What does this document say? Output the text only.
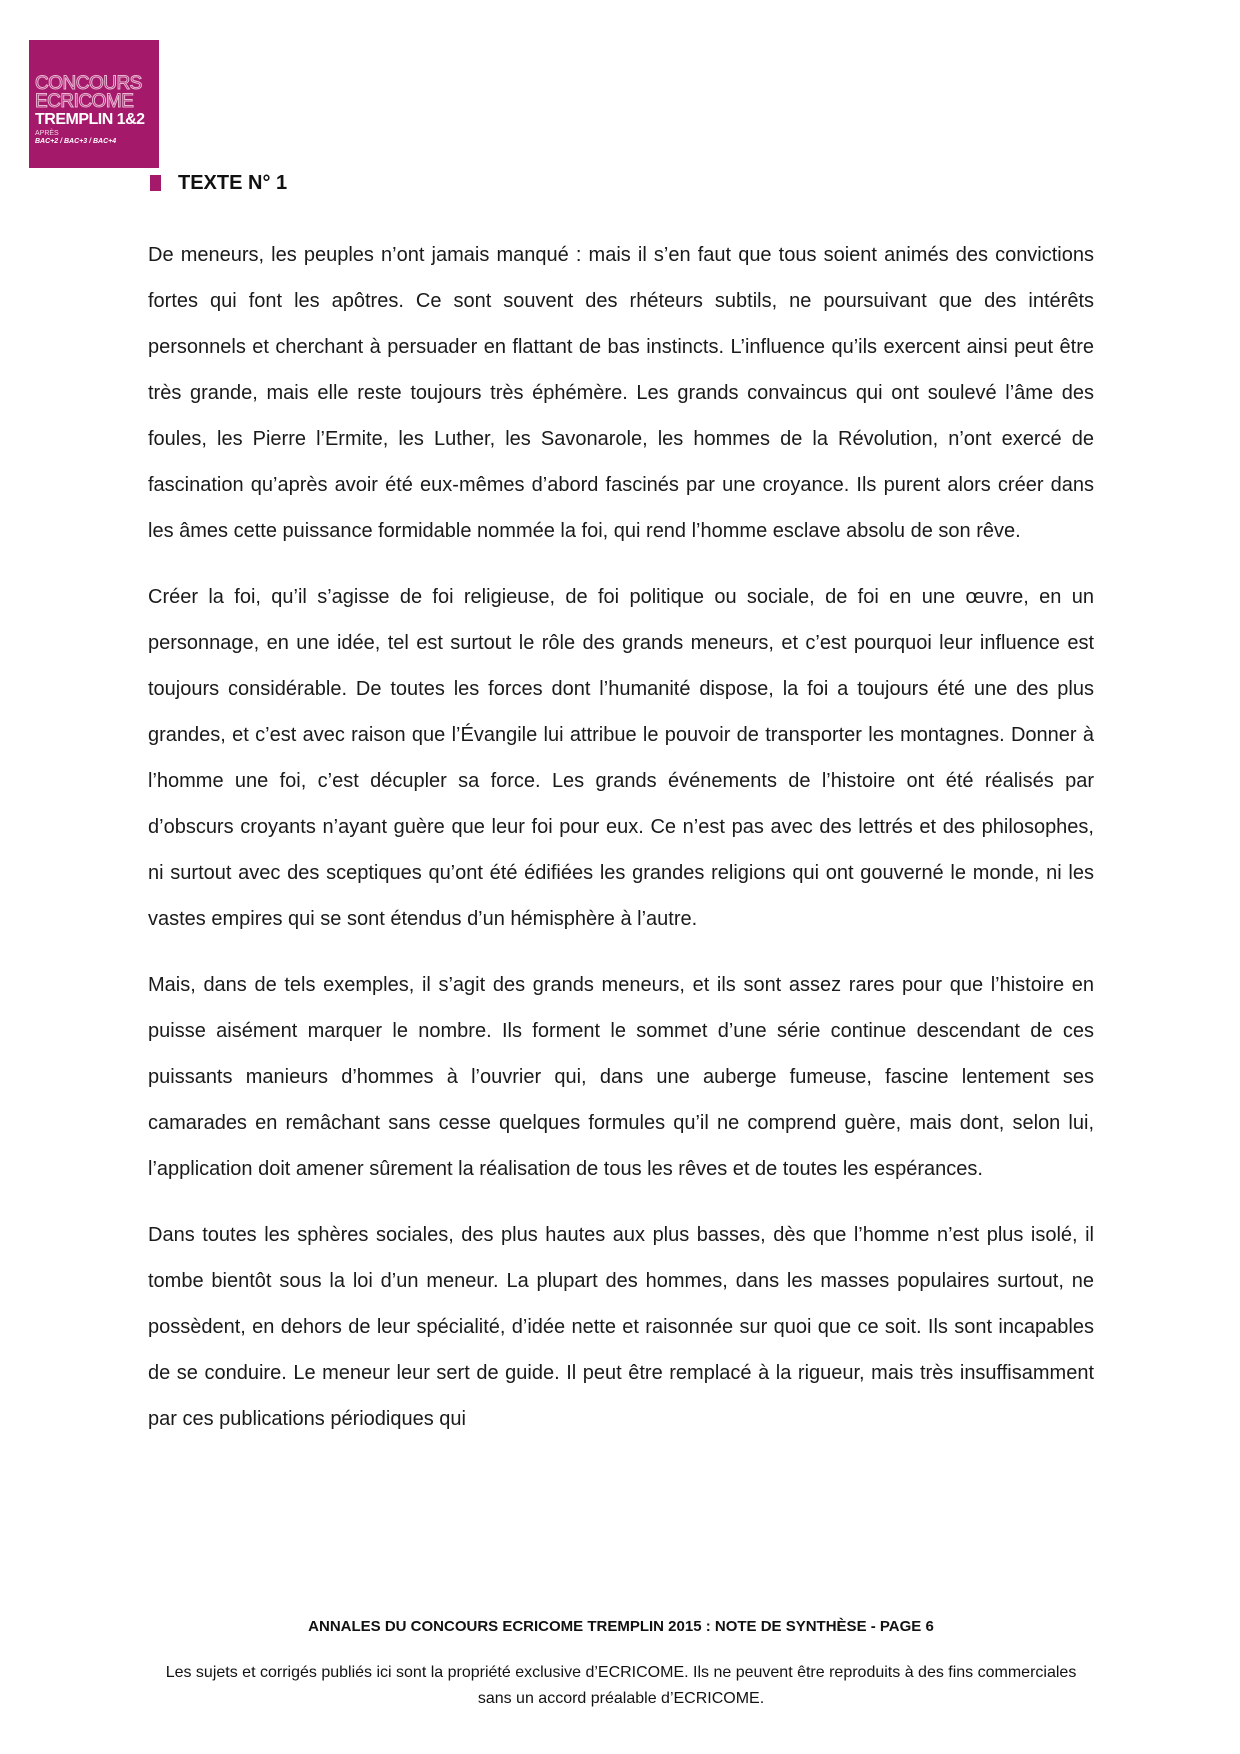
CONCOURS
ECRICOME
TREMPLIN 1&2
APRÈS
BAC+2 / BAC+3 / BAC+4
TEXTE N° 1

De meneurs, les peuples n’ont jamais manqué : mais il s’en faut que tous soient animés des convictions fortes qui font les apôtres. Ce sont souvent des rhéteurs subtils, ne poursuivant que des intérêts personnels et cherchant à persuader en flattant de bas instincts. L’influence qu’ils exercent ainsi peut être très grande, mais elle reste toujours très éphémère. Les grands convaincus qui ont soulevé l’âme des foules, les Pierre l’Ermite, les Luther, les Savonarole, les hommes de la Révolution, n’ont exercé de fascination qu’après avoir été eux-mêmes d’abord fascinés par une croyance. Ils purent alors créer dans les âmes cette puissance formidable nommée la foi, qui rend l’homme esclave absolu de son rêve.

Créer la foi, qu’il s’agisse de foi religieuse, de foi politique ou sociale, de foi en une œuvre, en un personnage, en une idée, tel est surtout le rôle des grands meneurs, et c’est pourquoi leur influence est toujours considérable. De toutes les forces dont l’humanité dispose, la foi a toujours été une des plus grandes, et c’est avec raison que l’Évangile lui attribue le pouvoir de transporter les montagnes. Donner à l’homme une foi, c’est décupler sa force. Les grands événements de l’histoire ont été réalisés par d’obscurs croyants n’ayant guère que leur foi pour eux. Ce n’est pas avec des lettrés et des philosophes, ni surtout avec des sceptiques qu’ont été édifiées les grandes religions qui ont gouverné le monde, ni les vastes empires qui se sont étendus d’un hémisphère à l’autre.

Mais, dans de tels exemples, il s’agit des grands meneurs, et ils sont assez rares pour que l’histoire en puisse aisément marquer le nombre. Ils forment le sommet d’une série continue descendant de ces puissants manieurs d’hommes à l’ouvrier qui, dans une auberge fumeuse, fascine lentement ses camarades en remâchant sans cesse quelques formules qu’il ne comprend guère, mais dont, selon lui, l’application doit amener sûrement la réalisation de tous les rêves et de toutes les espérances.

Dans toutes les sphères sociales, des plus hautes aux plus basses, dès que l’homme n’est plus isolé, il tombe bientôt sous la loi d’un meneur. La plupart des hommes, dans les masses populaires surtout, ne possèdent, en dehors de leur spécialité, d’idée nette et raisonnée sur quoi que ce soit. Ils sont incapables de se conduire. Le meneur leur sert de guide. Il peut être remplacé à la rigueur, mais très insuffisamment par ces publications périodiques qui

ANNALES DU CONCOURS ECRICOME TREMPLIN 2015 : NOTE DE SYNTHÈSE - PAGE 6
Les sujets et corrigés publiés ici sont la propriété exclusive d’ECRICOME. Ils ne peuvent être reproduits à des fins commerciales sans un accord préalable d’ECRICOME.
